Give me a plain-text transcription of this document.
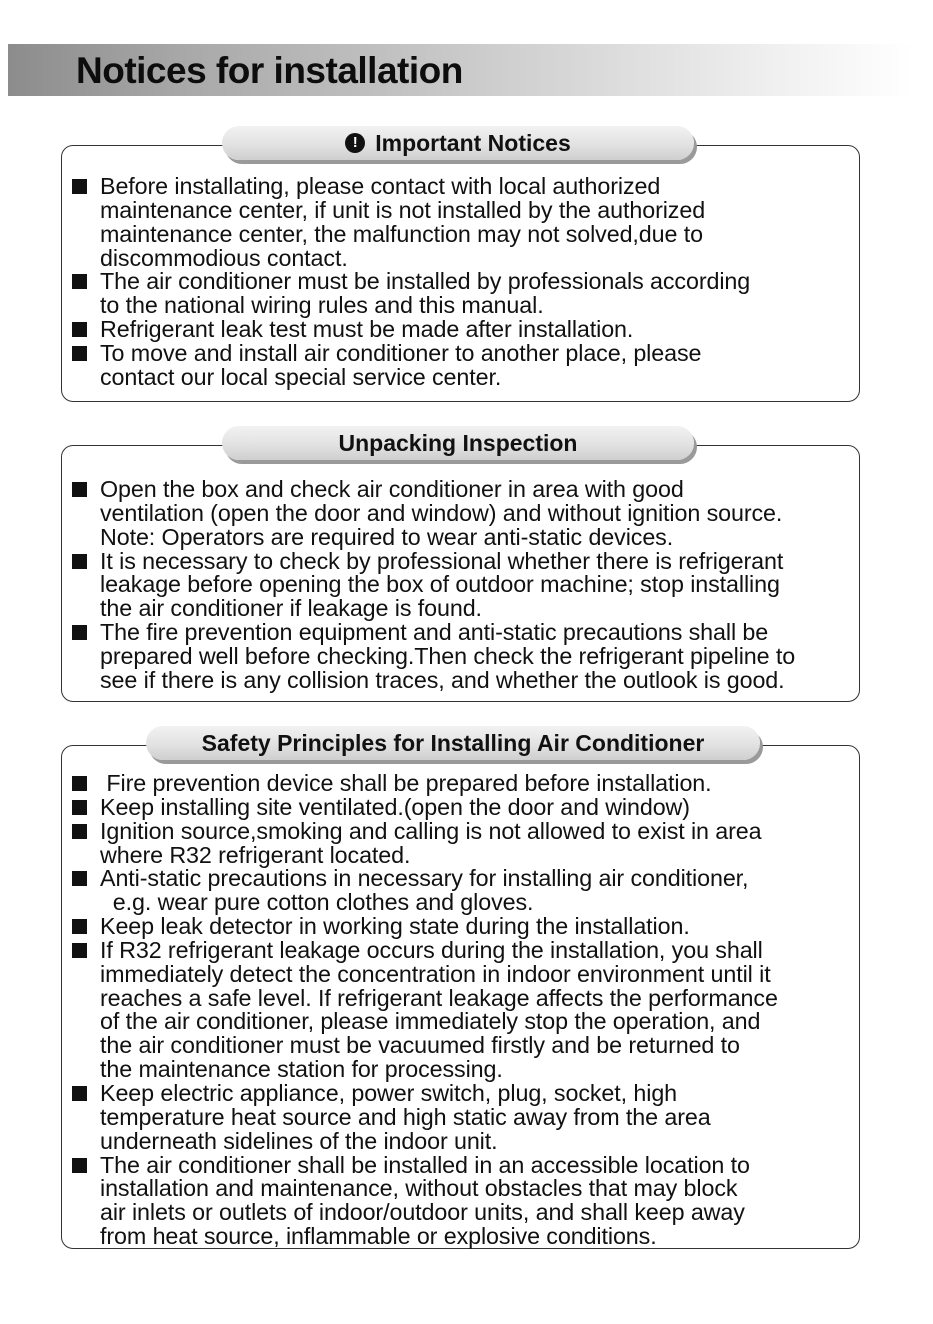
Notices for installation
! Important Notices
Before installating, please contact with local authorized
maintenance center, if unit is not installed by the authorized
maintenance center, the malfunction may not solved,due to
discommodious contact.
The air conditioner must be installed by professionals according
to the national wiring rules and this manual.
Refrigerant leak test must be made after installation.
To move and install air conditioner to another place, please
contact our local special service center.
Unpacking Inspection
Open the box and check air conditioner in area with good
ventilation (open the door and window) and without ignition source.
Note: Operators are required to wear anti-static devices.
It is necessary to check by professional whether there is refrigerant
leakage before opening the box of outdoor machine; stop installing
the air conditioner if leakage is found.
The fire prevention equipment and anti-static precautions shall be
prepared well before checking.Then check the refrigerant pipeline to
see if there is any collision traces, and whether the outlook is good.
Safety Principles for Installing Air Conditioner
Fire prevention device shall be prepared before installation.
Keep installing site ventilated.(open the door and window)
Ignition source,smoking and calling is not allowed to exist in area
where R32 refrigerant located.
Anti-static precautions in necessary for installing air conditioner,
e.g. wear pure cotton clothes and gloves.
Keep leak detector in working state during the installation.
If R32 refrigerant leakage occurs during the installation, you shall
immediately detect the concentration in indoor environment until it
reaches a safe level. If refrigerant leakage affects the performance
of the air conditioner, please immediately stop the operation, and
the air conditioner must be vacuumed firstly and be returned to
the maintenance station for processing.
Keep electric appliance, power switch, plug, socket, high
temperature heat source and high static away from the area
underneath sidelines of the indoor unit.
The air conditioner shall be installed in an accessible location to
installation and maintenance, without obstacles that may block
air inlets or outlets of indoor/outdoor units, and shall keep away
from heat source, inflammable or explosive conditions.
